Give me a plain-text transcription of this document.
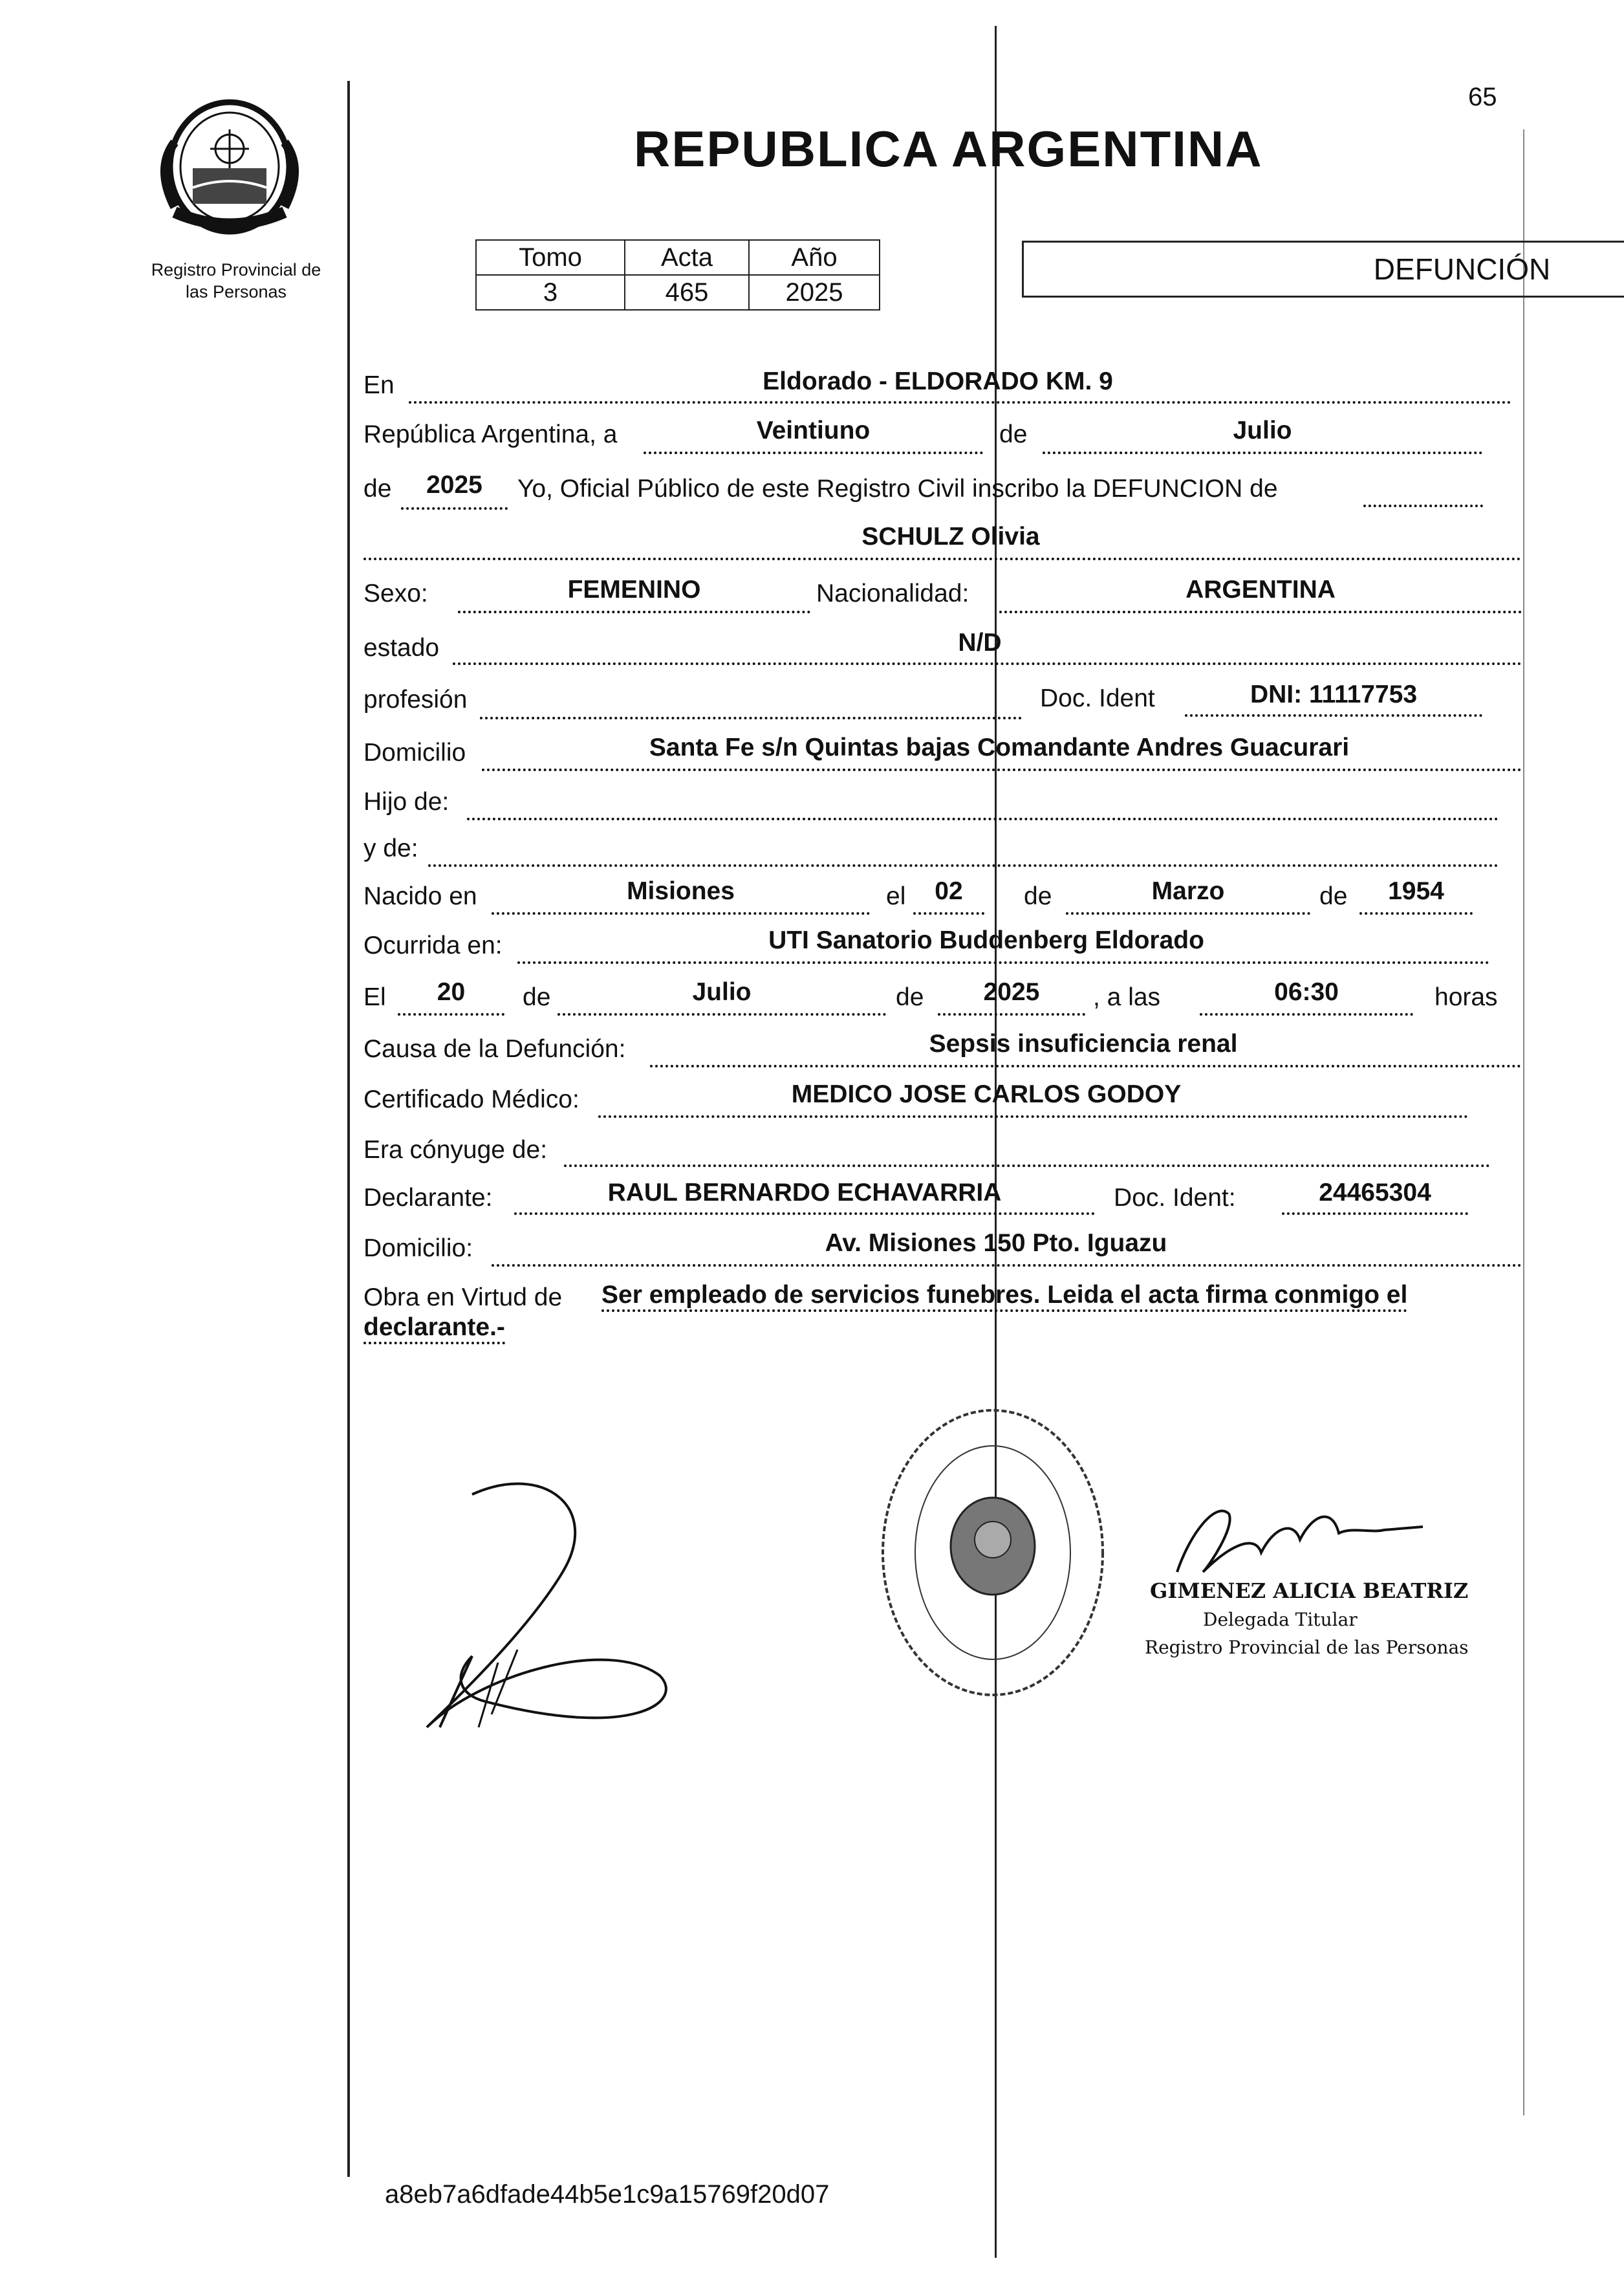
65
Registro Provincial de
las Personas
REPUBLICA ARGENTINA
Tomo	Acta	Año
3	465	2025
DEFUNCIÓN
En	Eldorado - ELDORADO KM. 9
República Argentina, a	Veintiuno	de	Julio
de	2025	Yo, Oficial Público de este Registro Civil inscribo la DEFUNCION de
SCHULZ Olivia
Sexo:	FEMENINO	Nacionalidad:	ARGENTINA
estado	N/D
profesión	Doc. Ident	DNI: 11117753
Domicilio	Santa Fe s/n Quintas bajas Comandante Andres Guacurari
Hijo de:
y de:
Nacido en	Misiones	el	02	de	Marzo	de	1954
Ocurrida en:	UTI Sanatorio Buddenberg Eldorado
El	20	de	Julio	de	2025	, a las	06:30	horas
Causa de la Defunción:	Sepsis insuficiencia renal
Certificado Médico:	MEDICO JOSE CARLOS GODOY
Era cónyuge de:
Declarante:	RAUL BERNARDO ECHAVARRIA	Doc. Ident:	24465304
Domicilio:	Av. Misiones 150 Pto. Iguazu
Obra en Virtud de Ser empleado de servicios funebres. Leida el acta firma conmigo el
declarante.-
GIMENEZ ALICIA BEATRIZ
Delegada Titular
Registro Provincial de las Personas
a8eb7a6dfade44b5e1c9a15769f20d07
